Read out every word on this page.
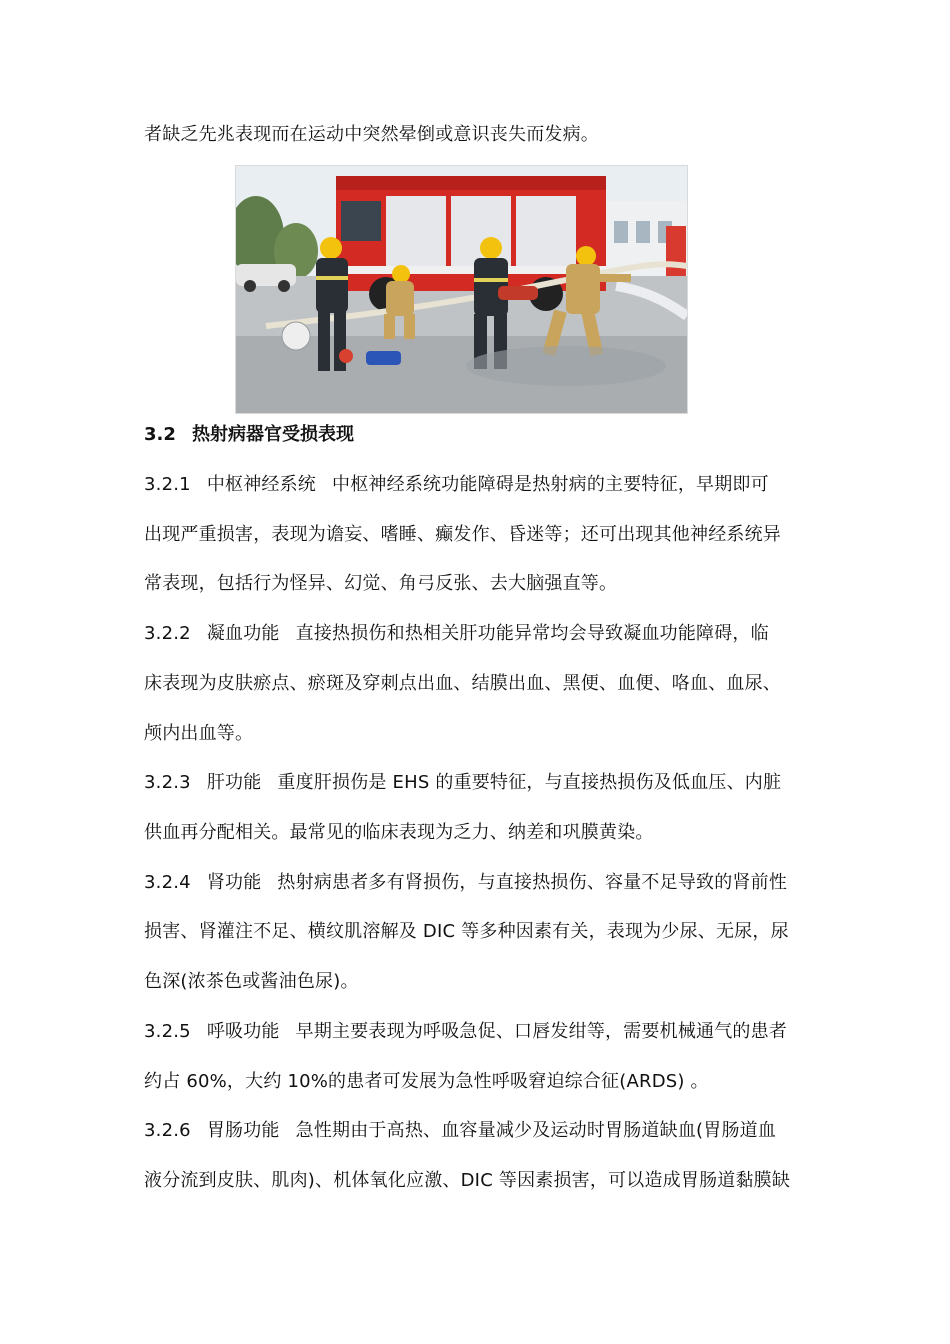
者缺乏先兆表现而在运动中突然晕倒或意识丧失而发病。
3.2 热射病器官受损表现
3.2.1 中枢神经系统 中枢神经系统功能障碍是热射病的主要特征，早期即可
出现严重损害，表现为谵妄、嗜睡、癫发作、昏迷等；还可出现其他神经系统异
常表现，包括行为怪异、幻觉、角弓反张、去大脑强直等。
3.2.2 凝血功能 直接热损伤和热相关肝功能异常均会导致凝血功能障碍，临
床表现为皮肤瘀点、瘀斑及穿刺点出血、结膜出血、黑便、血便、咯血、血尿、
颅内出血等。
3.2.3 肝功能 重度肝损伤是 EHS 的重要特征，与直接热损伤及低血压、内脏
供血再分配相关。最常见的临床表现为乏力、纳差和巩膜黄染。
3.2.4 肾功能 热射病患者多有肾损伤，与直接热损伤、容量不足导致的肾前性
损害、肾灌注不足、横纹肌溶解及 DIC 等多种因素有关，表现为少尿、无尿，尿
色深(浓茶色或酱油色尿)。
3.2.5 呼吸功能 早期主要表现为呼吸急促、口唇发绀等，需要机械通气的患者
约占 60%，大约 10%的患者可发展为急性呼吸窘迫综合征(ARDS) 。
3.2.6 胃肠功能 急性期由于高热、血容量减少及运动时胃肠道缺血(胃肠道血
液分流到皮肤、肌肉)、机体氧化应激、DIC 等因素损害，可以造成胃肠道黏膜缺
